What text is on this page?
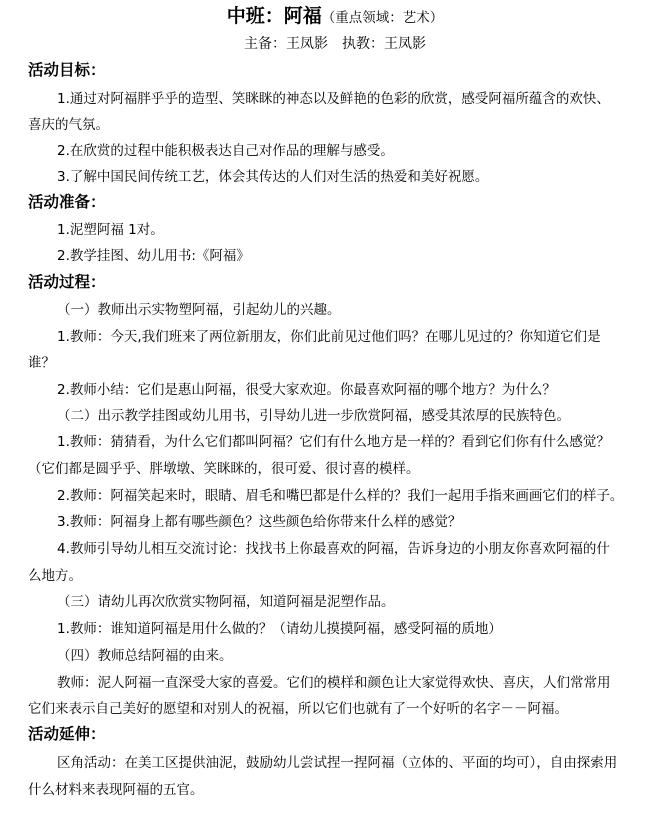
中班：阿福（重点领域：艺术）
主备：王凤影　执教：王凤影
活动目标：
1.通过对阿福胖乎乎的造型、笑眯眯的神态以及鲜艳的色彩的欣赏，感受阿福所蕴含的欢快、
喜庆的气氛。
2.在欣赏的过程中能积极表达自己对作品的理解与感受。
3.了解中国民间传统工艺，体会其传达的人们对生活的热爱和美好祝愿。
活动准备：
1.泥塑阿福 1对。
2.教学挂图、幼儿用书:《阿福》
活动过程：
（一）教师出示实物塑阿福，引起幼儿的兴趣。
1.教师：今天,我们班来了两位新朋友，你们此前见过他们吗？在哪儿见过的？你知道它们是
谁？
2.教师小结：它们是惠山阿福，很受大家欢迎。你最喜欢阿福的哪个地方？为什么？
（二）出示教学挂图或幼儿用书，引导幼儿进一步欣赏阿福，感受其浓厚的民族特色。
1.教师：猜猜看，为什么它们都叫阿福？它们有什么地方是一样的？看到它们你有什么感觉？
（它们都是圆乎乎、胖墩墩、笑眯眯的，很可爱、很讨喜的模样。
2.教师：阿福笑起来时，眼睛、眉毛和嘴巴都是什么样的？我们一起用手指来画画它们的样子。
3.教师：阿福身上都有哪些颜色？这些颜色给你带来什么样的感觉？
4.教师引导幼儿相互交流讨论：找找书上你最喜欢的阿福，告诉身边的小朋友你喜欢阿福的什
么地方。
（三）请幼儿再次欣赏实物阿福，知道阿福是泥塑作品。
1.教师：谁知道阿福是用什么做的？（请幼儿摸摸阿福，感受阿福的质地）
（四）教师总结阿福的由来。
教师：泥人阿福一直深受大家的喜爱。它们的模样和颜色让大家觉得欢快、喜庆，人们常常用
它们来表示自己美好的愿望和对别人的祝福，所以它们也就有了一个好听的名字－－阿福。
活动延伸：
区角活动：在美工区提供油泥，鼓励幼儿尝试捏一捏阿福（立体的、平面的均可），自由探索用
什么材料来表现阿福的五官。
